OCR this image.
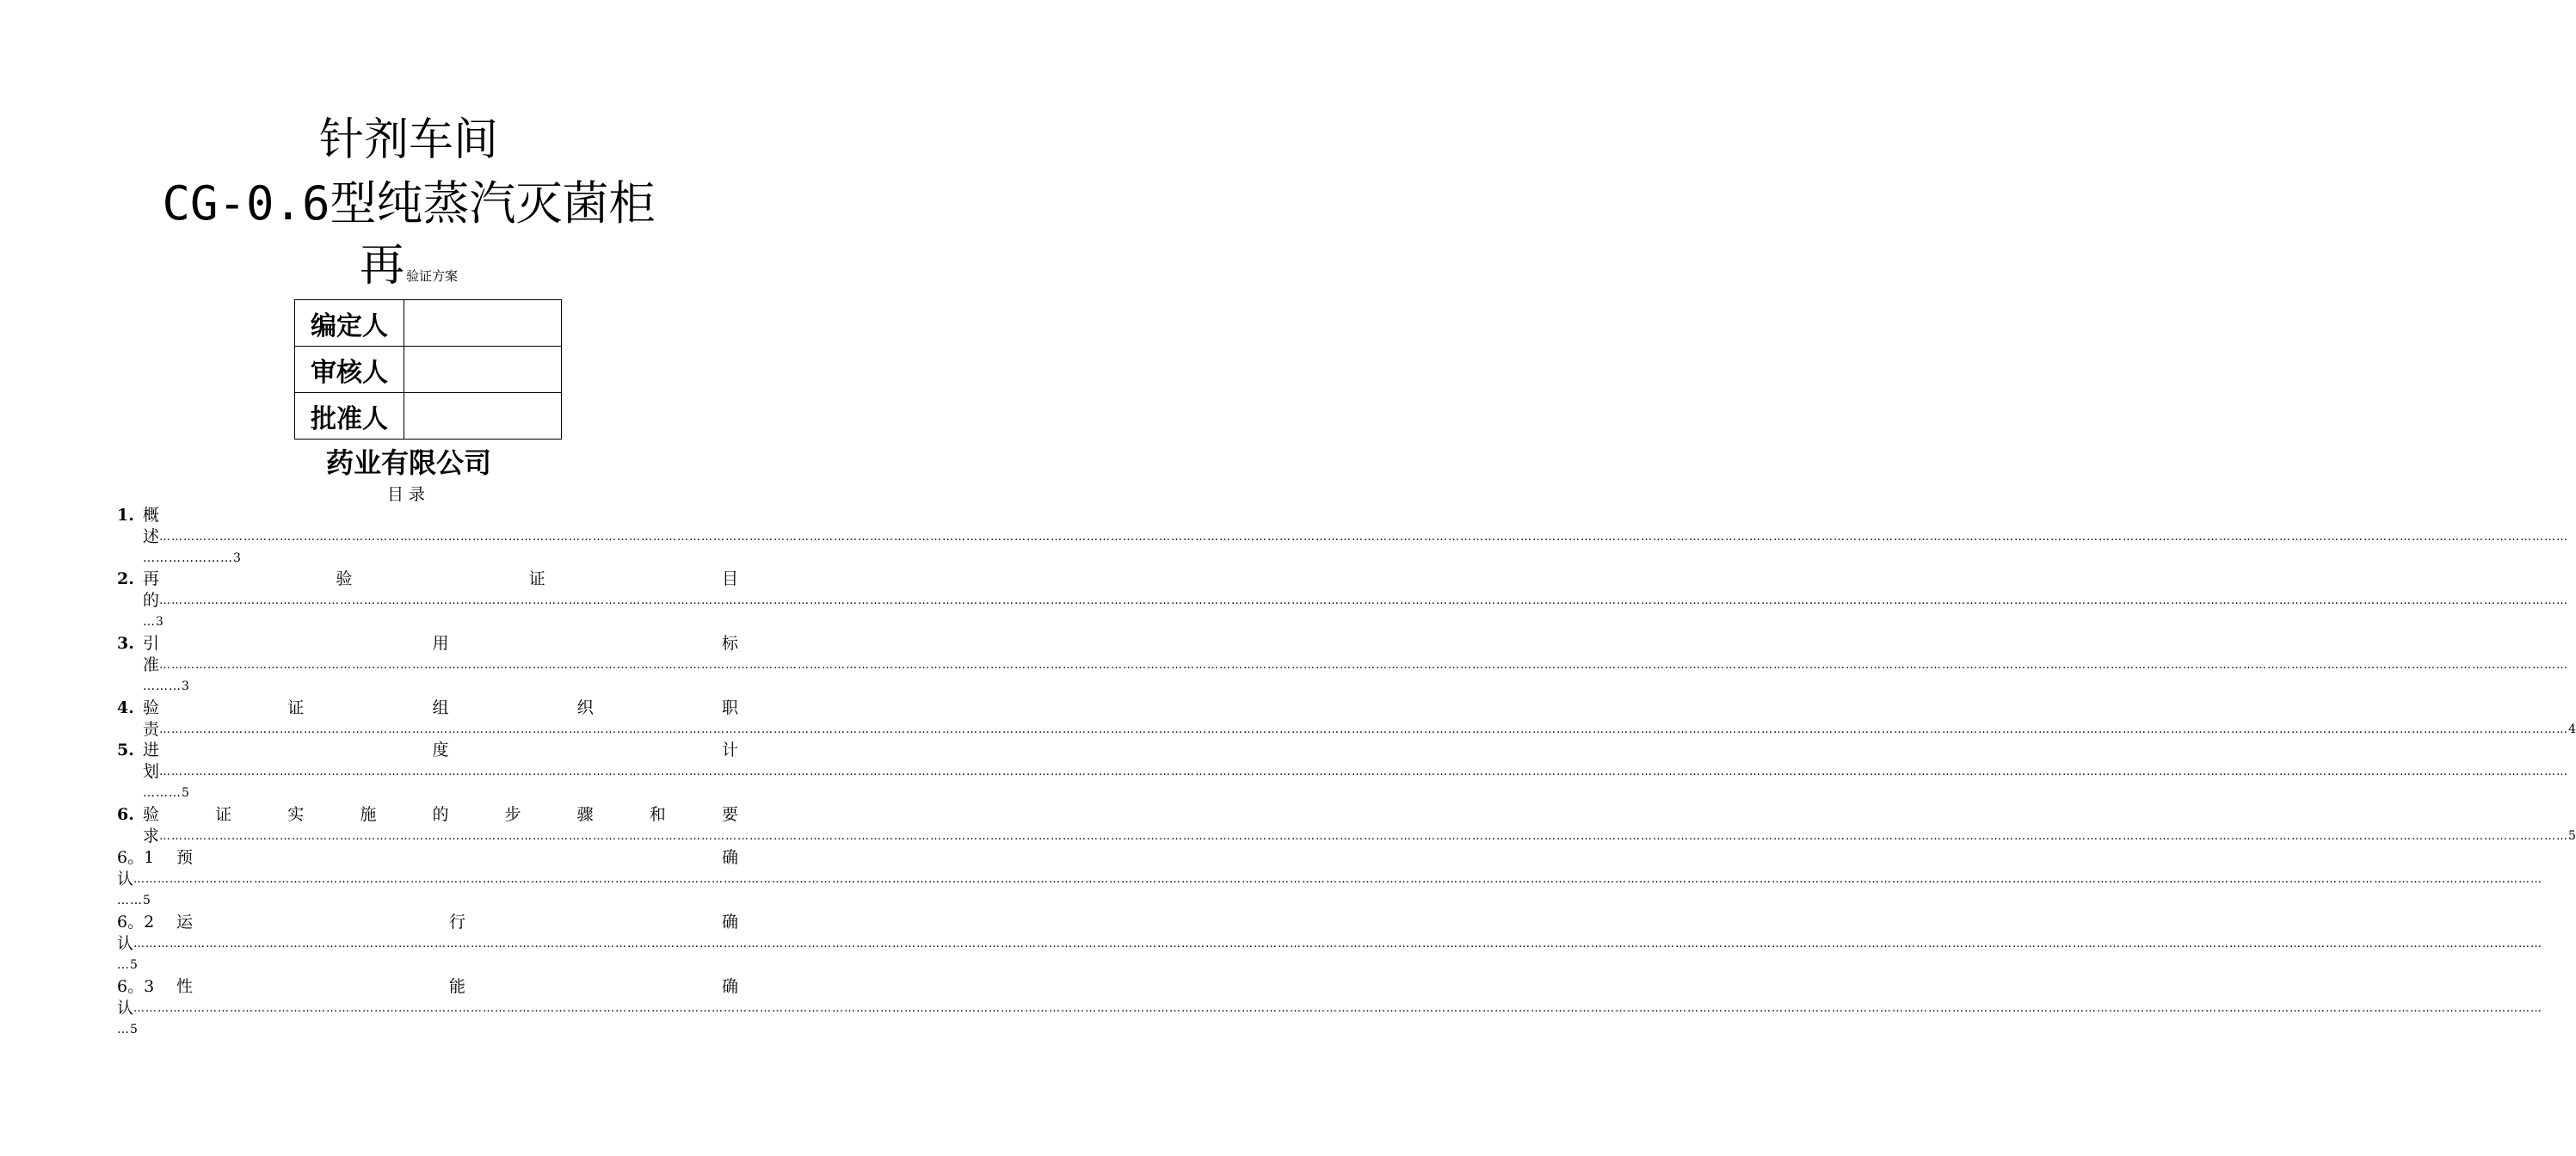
针剂车间
CG-0.6型纯蒸汽灭菌柜
再验证方案
编定人	
审核人	
批准人	
药业有限公司
目录
1. 概
述 ……………………………………………………………………………………………………………………………………………………………………………………………………………………………………………………………………………………………………………………………………………………………………………………………………………………………………………………………………………………………………………………………………………………
…………………3
2. 再	验	证	目
的 ……………………………………………………………………………………………………………………………………………………………………………………………………………………………………………………………………………………………………………………………………………………………………………………………………………………………………………………………………………………………………………………………………………………
…3
3. 引	用	标
准 ……………………………………………………………………………………………………………………………………………………………………………………………………………………………………………………………………………………………………………………………………………………………………………………………………………………………………………………………………………………………………………………………………………………
………3
4. 验	证	组	织	职
责 …………………………………………………………………………………………………………………………………………………………………………………………………………………………………………………………………………………………………………………………………………………………………………………………………………………………………………………………………………………………………………………………………………………… 4
5. 进	度	计
划 ……………………………………………………………………………………………………………………………………………………………………………………………………………………………………………………………………………………………………………………………………………………………………………………………………………………………………………………………………………………………………………………………………………………
………5
6. 验	证	实	施	的	步	骤	和	要
求 …………………………………………………………………………………………………………………………………………………………………………………………………………………………………………………………………………………………………………………………………………………………………………………………………………………………………………………………………………………………………………………………………………………… 5
6。1 预	确
认 ……………………………………………………………………………………………………………………………………………………………………………………………………………………………………………………………………………………………………………………………………………………………………………………………………………………………………………………………………………………………………………………………………………………
……5
6。2 运	行	确
认 ……………………………………………………………………………………………………………………………………………………………………………………………………………………………………………………………………………………………………………………………………………………………………………………………………………………………………………………………………………………………………………………………………………………
…5
6。3 性	能	确
认 ……………………………………………………………………………………………………………………………………………………………………………………………………………………………………………………………………………………………………………………………………………………………………………………………………………………………………………………………………………………………………………………………………………………
…5
